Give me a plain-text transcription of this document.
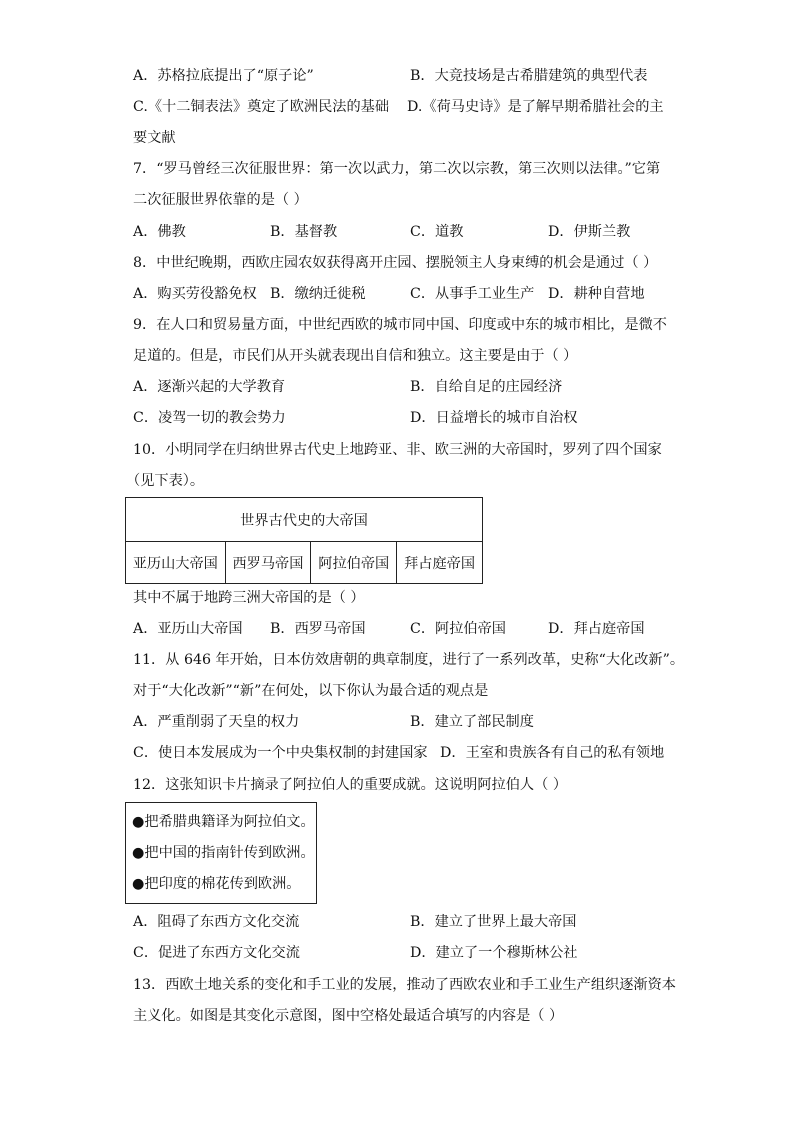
A．苏格拉底提出了“原子论”	B．大竞技场是古希腊建筑的典型代表
C.《十二铜表法》奠定了欧洲民法的基础 D.《荷马史诗》是了解早期希腊社会的主
要文献
7．“罗马曾经三次征服世界：第一次以武力，第二次以宗教，第三次则以法律。”它第
二次征服世界依靠的是（ ）
A．佛教	B．基督教	C．道教	D．伊斯兰教
8．中世纪晚期，西欧庄园农奴获得离开庄园、摆脱领主人身束缚的机会是通过（ ）
A．购买劳役豁免权 B．缴纳迁徙税	C．从事手工业生产 D．耕种自营地
9．在人口和贸易量方面，中世纪西欧的城市同中国、印度或中东的城市相比，是微不
足道的。但是，市民们从开头就表现出自信和独立。这主要是由于（ ）
A．逐渐兴起的大学教育	B．自给自足的庄园经济
C．凌驾一切的教会势力	D．日益增长的城市自治权
10．小明同学在归纳世界古代史上地跨亚、非、欧三洲的大帝国时，罗列了四个国家
（见下表）。
世界古代史的大帝国
亚历山大帝国	西罗马帝国	阿拉伯帝国	拜占庭帝国
其中不属于地跨三洲大帝国的是（ ）
A．亚历山大帝国 B．西罗马帝国	C．阿拉伯帝国	D．拜占庭帝国
11．从 646 年开始，日本仿效唐朝的典章制度，进行了一系列改革，史称“大化改新”。
对于“大化改新”“新”在何处，以下你认为最合适的观点是
A．严重削弱了天皇的权力	B．建立了部民制度
C．使日本发展成为一个中央集权制的封建国家 D．王室和贵族各有自己的私有领地
12．这张知识卡片摘录了阿拉伯人的重要成就。这说明阿拉伯人（ ）
●把希腊典籍译为阿拉伯文。
●把中国的指南针传到欧洲。
●把印度的棉花传到欧洲。
A．阻碍了东西方文化交流	B．建立了世界上最大帝国
C．促进了东西方文化交流	D．建立了一个穆斯林公社
13．西欧土地关系的变化和手工业的发展，推动了西欧农业和手工业生产组织逐渐资本
主义化。如图是其变化示意图，图中空格处最适合填写的内容是（ ）
